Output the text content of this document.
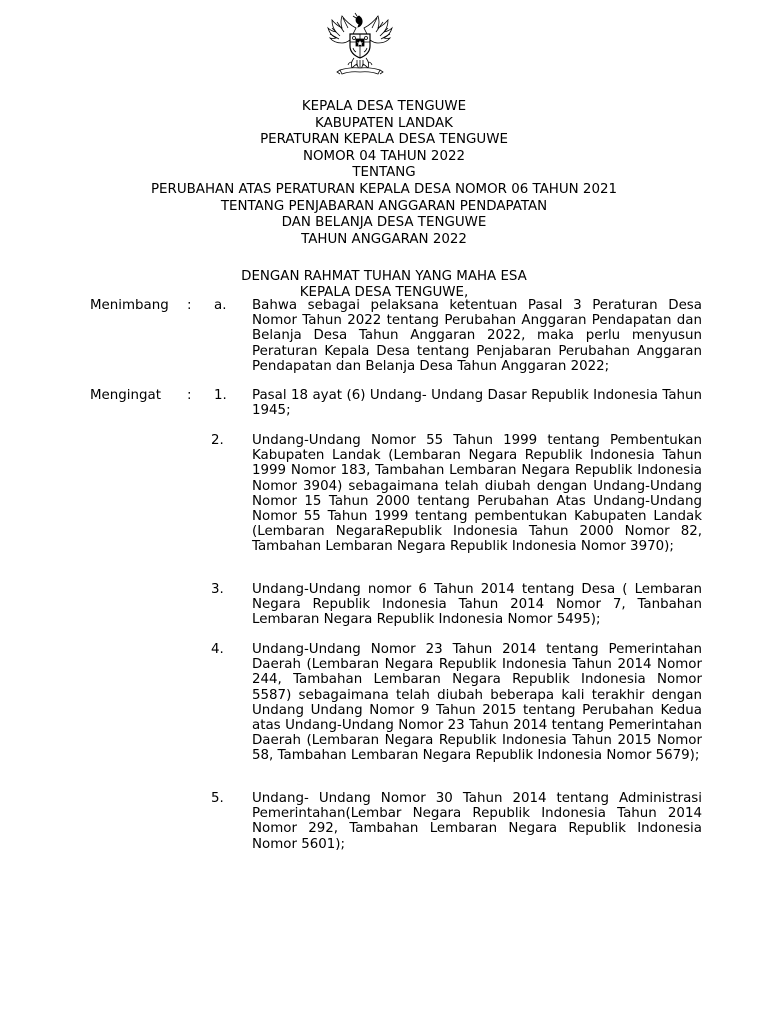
KEPALA DESA TENGUWE
KABUPATEN LANDAK
PERATURAN KEPALA DESA TENGUWE
NOMOR 04 TAHUN 2022
TENTANG
PERUBAHAN ATAS PERATURAN KEPALA DESA NOMOR 06 TAHUN 2021
TENTANG PENJABARAN ANGGARAN PENDAPATAN
DAN BELANJA DESA TENGUWE
TAHUN ANGGARAN 2022
DENGAN RAHMAT TUHAN YANG MAHA ESA
KEPALA DESA TENGUWE,
Menimbang : a. Bahwa sebagai pelaksana ketentuan Pasal 3 Peraturan Desa Nomor Tahun 2022 tentang Perubahan Anggaran Pendapatan dan Belanja Desa Tahun Anggaran 2022, maka perlu menyusun Peraturan Kepala Desa tentang Penjabaran Perubahan Anggaran Pendapatan dan Belanja Desa Tahun Anggaran 2022;
Mengingat : 1. Pasal 18 ayat (6) Undang- Undang Dasar Republik Indonesia Tahun 1945;
2. Undang-Undang Nomor 55 Tahun 1999 tentang Pembentukan Kabupaten Landak (Lembaran Negara Republik Indonesia Tahun 1999 Nomor 183, Tambahan Lembaran Negara Republik Indonesia Nomor 3904) sebagaimana telah diubah dengan Undang-Undang Nomor 15 Tahun 2000 tentang Perubahan Atas Undang-Undang Nomor 55 Tahun 1999 tentang pembentukan Kabupaten Landak (Lembaran NegaraRepublik Indonesia Tahun 2000 Nomor 82, Tambahan Lembaran Negara Republik Indonesia Nomor 3970);
3. Undang-Undang nomor 6 Tahun 2014 tentang Desa ( Lembaran Negara Republik Indonesia Tahun 2014 Nomor 7, Tanbahan Lembaran Negara Republik Indonesia Nomor 5495);
4. Undang-Undang Nomor 23 Tahun 2014 tentang Pemerintahan Daerah (Lembaran Negara Republik Indonesia Tahun 2014 Nomor 244, Tambahan Lembaran Negara Republik Indonesia Nomor 5587) sebagaimana telah diubah beberapa kali terakhir dengan Undang Undang Nomor 9 Tahun 2015 tentang Perubahan Kedua atas Undang-Undang Nomor 23 Tahun 2014 tentang Pemerintahan Daerah (Lembaran Negara Republik Indonesia Tahun 2015 Nomor 58, Tambahan Lembaran Negara Republik Indonesia Nomor 5679);
5. Undang- Undang Nomor 30 Tahun 2014 tentang Administrasi Pemerintahan(Lembar Negara Republik Indonesia Tahun 2014 Nomor 292, Tambahan Lembaran Negara Republik Indonesia Nomor 5601);
